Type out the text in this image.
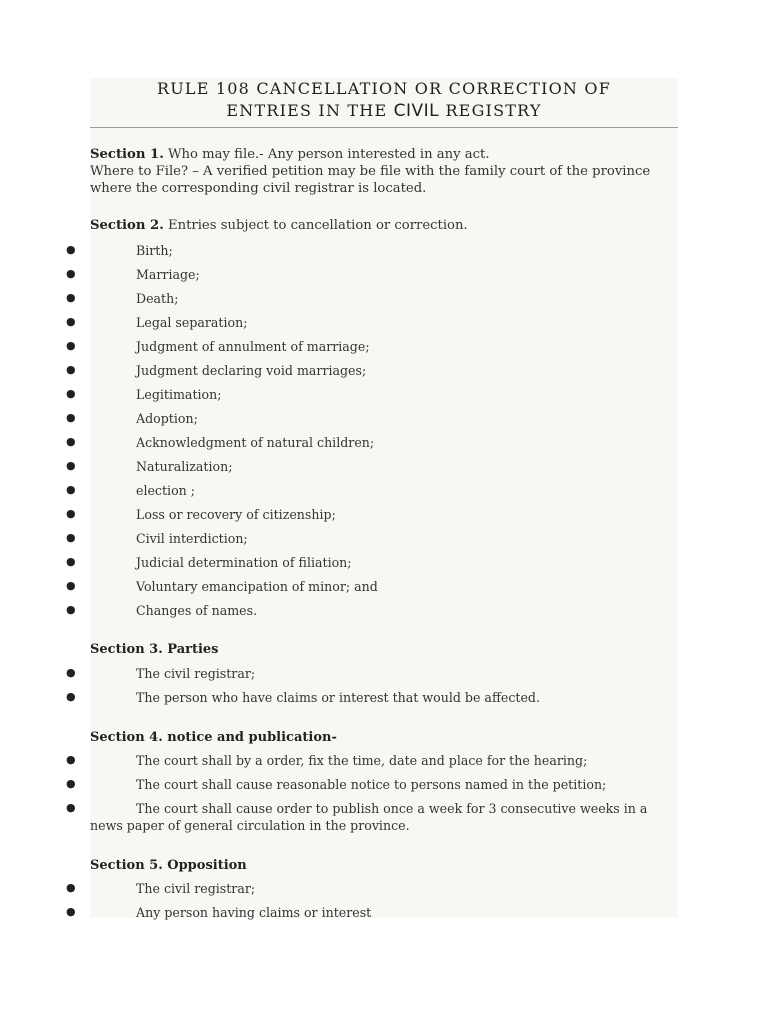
RULE 108 CANCELLATION OR CORRECTION OF
ENTRIES IN THE CIVIL REGISTRY
Section 1. Who may file.- Any person interested in any act.
Where to File? – A verified petition may be file with the family court of the province where the corresponding civil registrar is located.
Section 2. Entries subject to cancellation or correction.
●	Birth;
●	Marriage;
●	Death;
●	Legal separation;
●	Judgment of annulment of marriage;
●	Judgment declaring void marriages;
●	Legitimation;
●	Adoption;
●	Acknowledgment of natural children;
●	Naturalization;
●	election ;
●	Loss or recovery of citizenship;
●	Civil interdiction;
●	Judicial determination of filiation;
●	Voluntary emancipation of minor; and
●	Changes of names.
Section 3. Parties
●	The civil registrar;
●	The person who have claims or interest that would be affected.
Section 4. notice and publication-
●	The court shall by a order, fix the time, date and place for the hearing;
●	The court shall cause reasonable notice to persons named in the petition;
●	The court shall cause order to publish once a week for 3 consecutive weeks in a news paper of general circulation in the province.
Section 5. Opposition
●	The civil registrar;
●	Any person having claims or interest
